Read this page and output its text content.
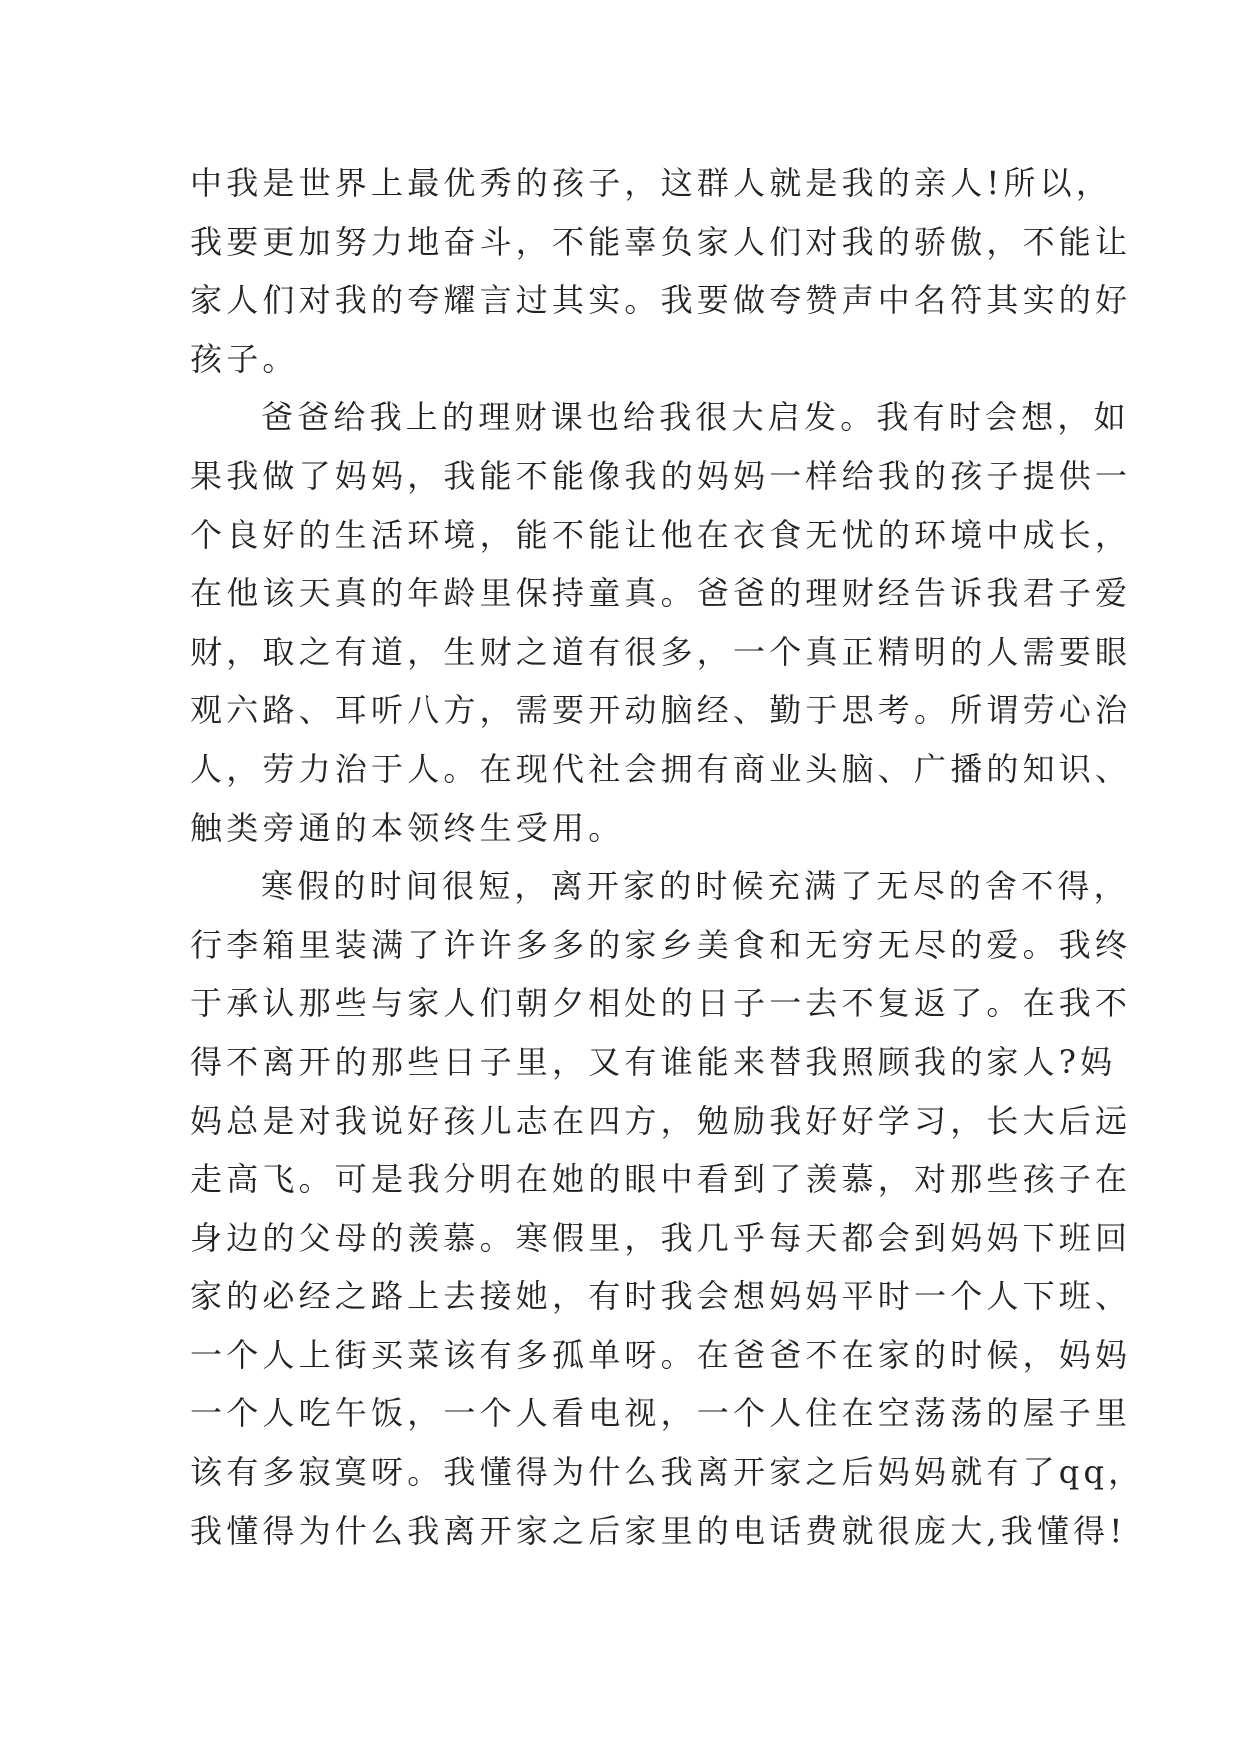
中我是世界上最优秀的孩子，这群人就是我的亲人!所以，
我要更加努力地奋斗，不能辜负家人们对我的骄傲，不能让
家人们对我的夸耀言过其实。我要做夸赞声中名符其实的好
孩子。
爸爸给我上的理财课也给我很大启发。我有时会想，如
果我做了妈妈，我能不能像我的妈妈一样给我的孩子提供一
个良好的生活环境，能不能让他在衣食无忧的环境中成长，
在他该天真的年龄里保持童真。爸爸的理财经告诉我君子爱
财，取之有道，生财之道有很多，一个真正精明的人需要眼
观六路、耳听八方，需要开动脑经、勤于思考。所谓劳心治
人，劳力治于人。在现代社会拥有商业头脑、广播的知识、
触类旁通的本领终生受用。
寒假的时间很短，离开家的时候充满了无尽的舍不得，
行李箱里装满了许许多多的家乡美食和无穷无尽的爱。我终
于承认那些与家人们朝夕相处的日子一去不复返了。在我不
得不离开的那些日子里，又有谁能来替我照顾我的家人?妈
妈总是对我说好孩儿志在四方，勉励我好好学习，长大后远
走高飞。可是我分明在她的眼中看到了羡慕，对那些孩子在
身边的父母的羡慕。寒假里，我几乎每天都会到妈妈下班回
家的必经之路上去接她，有时我会想妈妈平时一个人下班、
一个人上街买菜该有多孤单呀。在爸爸不在家的时候，妈妈
一个人吃午饭，一个人看电视，一个人住在空荡荡的屋子里
该有多寂寞呀。我懂得为什么我离开家之后妈妈就有了qq，
我懂得为什么我离开家之后家里的电话费就很庞大,我懂得!
